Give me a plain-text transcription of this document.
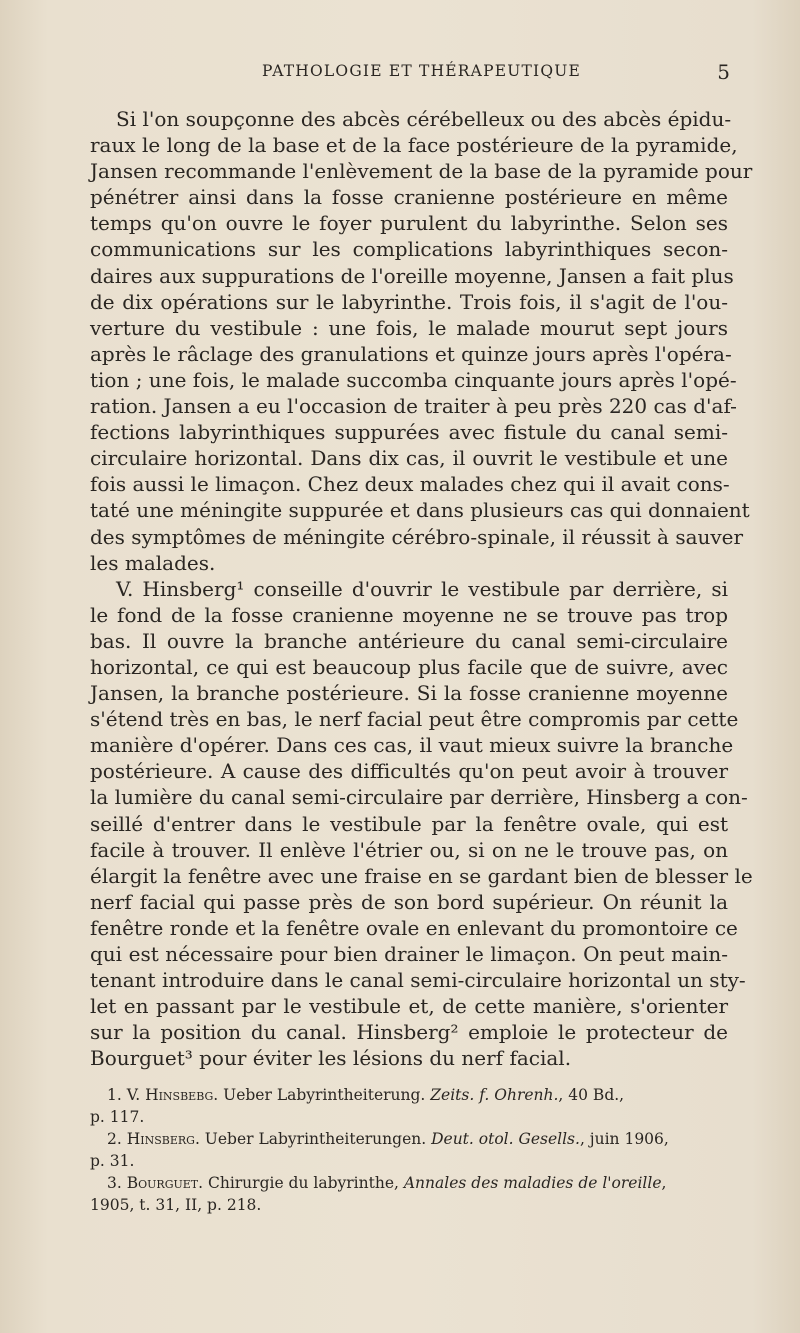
PATHOLOGIE ET THÉRAPEUTIQUE	5
Si l'on soupçonne des abcès cérébelleux ou des abcès épidu-
raux le long de la base et de la face postérieure de la pyramide,
Jansen recommande l'enlèvement de la base de la pyramide pour
pénétrer ainsi dans la fosse cranienne postérieure en même
temps qu'on ouvre le foyer purulent du labyrinthe. Selon ses
communications sur les complications labyrinthiques secon-
daires aux suppurations de l'oreille moyenne, Jansen a fait plus
de dix opérations sur le labyrinthe. Trois fois, il s'agit de l'ou-
verture du vestibule : une fois, le malade mourut sept jours
après le râclage des granulations et quinze jours après l'opéra-
tion ; une fois, le malade succomba cinquante jours après l'opé-
ration. Jansen a eu l'occasion de traiter à peu près 220 cas d'af-
fections labyrinthiques suppurées avec fistule du canal semi-
circulaire horizontal. Dans dix cas, il ouvrit le vestibule et une
fois aussi le limaçon. Chez deux malades chez qui il avait cons-
taté une méningite suppurée et dans plusieurs cas qui donnaient
des symptômes de méningite cérébro-spinale, il réussit à sauver
les malades.
V. Hinsberg¹ conseille d'ouvrir le vestibule par derrière, si
le fond de la fosse cranienne moyenne ne se trouve pas trop
bas. Il ouvre la branche antérieure du canal semi-circulaire
horizontal, ce qui est beaucoup plus facile que de suivre, avec
Jansen, la branche postérieure. Si la fosse cranienne moyenne
s'étend très en bas, le nerf facial peut être compromis par cette
manière d'opérer. Dans ces cas, il vaut mieux suivre la branche
postérieure. A cause des difficultés qu'on peut avoir à trouver
la lumière du canal semi-circulaire par derrière, Hinsberg a con-
seillé d'entrer dans le vestibule par la fenêtre ovale, qui est
facile à trouver. Il enlève l'étrier ou, si on ne le trouve pas, on
élargit la fenêtre avec une fraise en se gardant bien de blesser le
nerf facial qui passe près de son bord supérieur. On réunit la
fenêtre ronde et la fenêtre ovale en enlevant du promontoire ce
qui est nécessaire pour bien drainer le limaçon. On peut main-
tenant introduire dans le canal semi-circulaire horizontal un sty-
let en passant par le vestibule et, de cette manière, s'orienter
sur la position du canal. Hinsberg² emploie le protecteur de
Bourguet³ pour éviter les lésions du nerf facial.
1. V. Hinsbebg. Ueber Labyrintheiterung. Zeits. f. Ohrenh., 40 Bd.,
p. 117.
2. Hinsberg. Ueber Labyrintheiterungen. Deut. otol. Gesells., juin 1906,
p. 31.
3. Bourguet. Chirurgie du labyrinthe, Annales des maladies de l'oreille,
1905, t. 31, II, p. 218.
